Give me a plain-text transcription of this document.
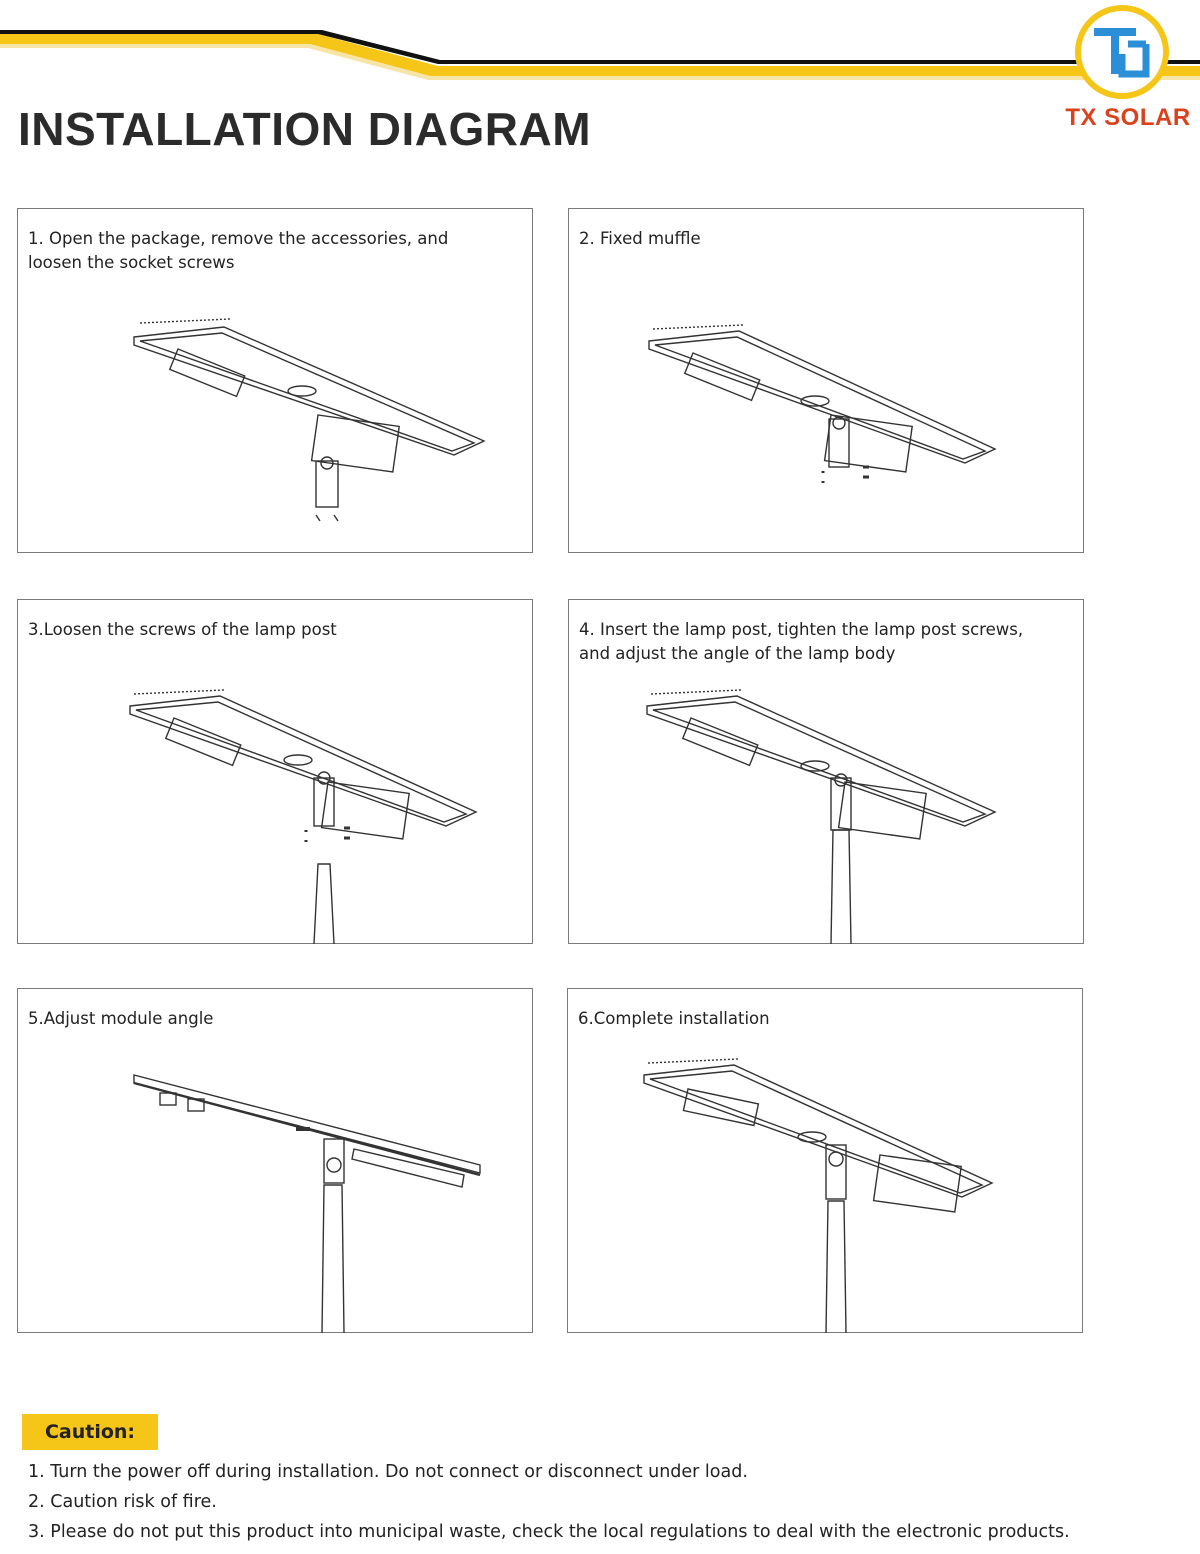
TX SOLAR
INSTALLATION DIAGRAM
1. Open the package, remove the accessories, and loosen the socket screws
2. Fixed muffle
3.Loosen the screws of the lamp post	4. Insert the lamp post, tighten the lamp post screws, and adjust the angle of the lamp body
5.Adjust module angle	6.Complete installation
Caution:
1. Turn the power off during installation. Do not connect or disconnect under load.
2. Caution risk of fire.
3. Please do not put this product into municipal waste, check the local regulations to deal with the electronic products.
